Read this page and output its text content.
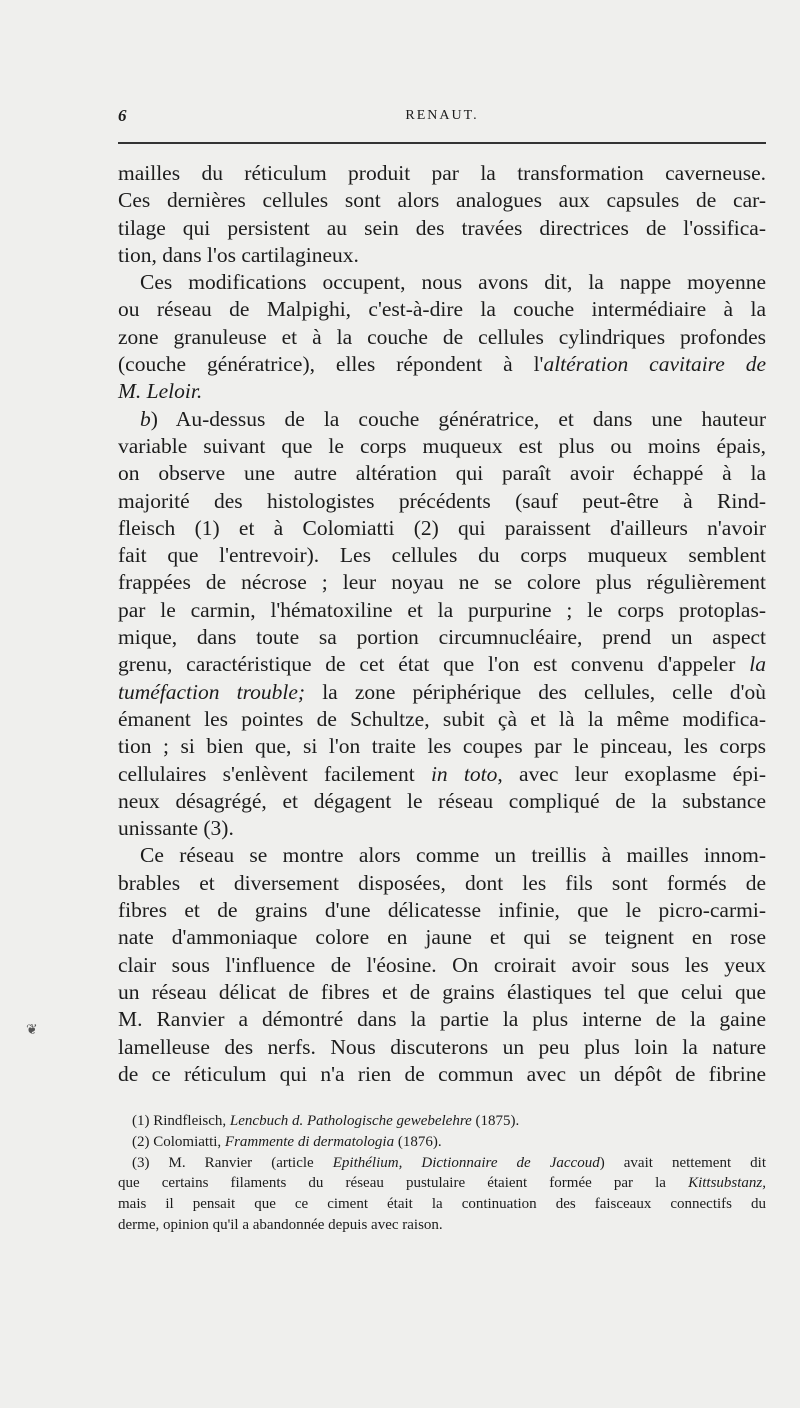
6	RENAUT.
❦
mailles du réticulum produit par la transformation caverneuse.
Ces dernières cellules sont alors analogues aux capsules de car-
tilage qui persistent au sein des travées directrices de l'ossifica-
tion, dans l'os cartilagineux.
Ces modifications occupent, nous avons dit, la nappe moyenne
ou réseau de Malpighi, c'est-à-dire la couche intermédiaire à la
zone granuleuse et à la couche de cellules cylindriques profondes
(couche génératrice), elles répondent à l'altération cavitaire de
M. Leloir.
b) Au-dessus de la couche génératrice, et dans une hauteur
variable suivant que le corps muqueux est plus ou moins épais,
on observe une autre altération qui paraît avoir échappé à la
majorité des histologistes précédents (sauf peut-être à Rind-
fleisch (1) et à Colomiatti (2) qui paraissent d'ailleurs n'avoir
fait que l'entrevoir). Les cellules du corps muqueux semblent
frappées de nécrose ; leur noyau ne se colore plus régulièrement
par le carmin, l'hématoxiline et la purpurine ; le corps protoplas-
mique, dans toute sa portion circumnucléaire, prend un aspect
grenu, caractéristique de cet état que l'on est convenu d'appeler la
tuméfaction trouble; la zone périphérique des cellules, celle d'où
émanent les pointes de Schultze, subit çà et là la même modifica-
tion ; si bien que, si l'on traite les coupes par le pinceau, les corps
cellulaires s'enlèvent facilement in toto, avec leur exoplasme épi-
neux désagrégé, et dégagent le réseau compliqué de la substance
unissante (3).
Ce réseau se montre alors comme un treillis à mailles innom-
brables et diversement disposées, dont les fils sont formés de
fibres et de grains d'une délicatesse infinie, que le picro-carmi-
nate d'ammoniaque colore en jaune et qui se teignent en rose
clair sous l'influence de l'éosine. On croirait avoir sous les yeux
un réseau délicat de fibres et de grains élastiques tel que celui que
M. Ranvier a démontré dans la partie la plus interne de la gaine
lamelleuse des nerfs. Nous discuterons un peu plus loin la nature
de ce réticulum qui n'a rien de commun avec un dépôt de fibrine
(1) Rindfleisch, Lencbuch d. Pathologische gewebelehre (1875).
(2) Colomiatti, Frammente di dermatologia (1876).
(3) M. Ranvier (article Epithélium, Dictionnaire de Jaccoud) avait nettement dit
que certains filaments du réseau pustulaire étaient formée par la Kittsubstanz,
mais il pensait que ce ciment était la continuation des faisceaux connectifs du
derme, opinion qu'il a abandonnée depuis avec raison.
